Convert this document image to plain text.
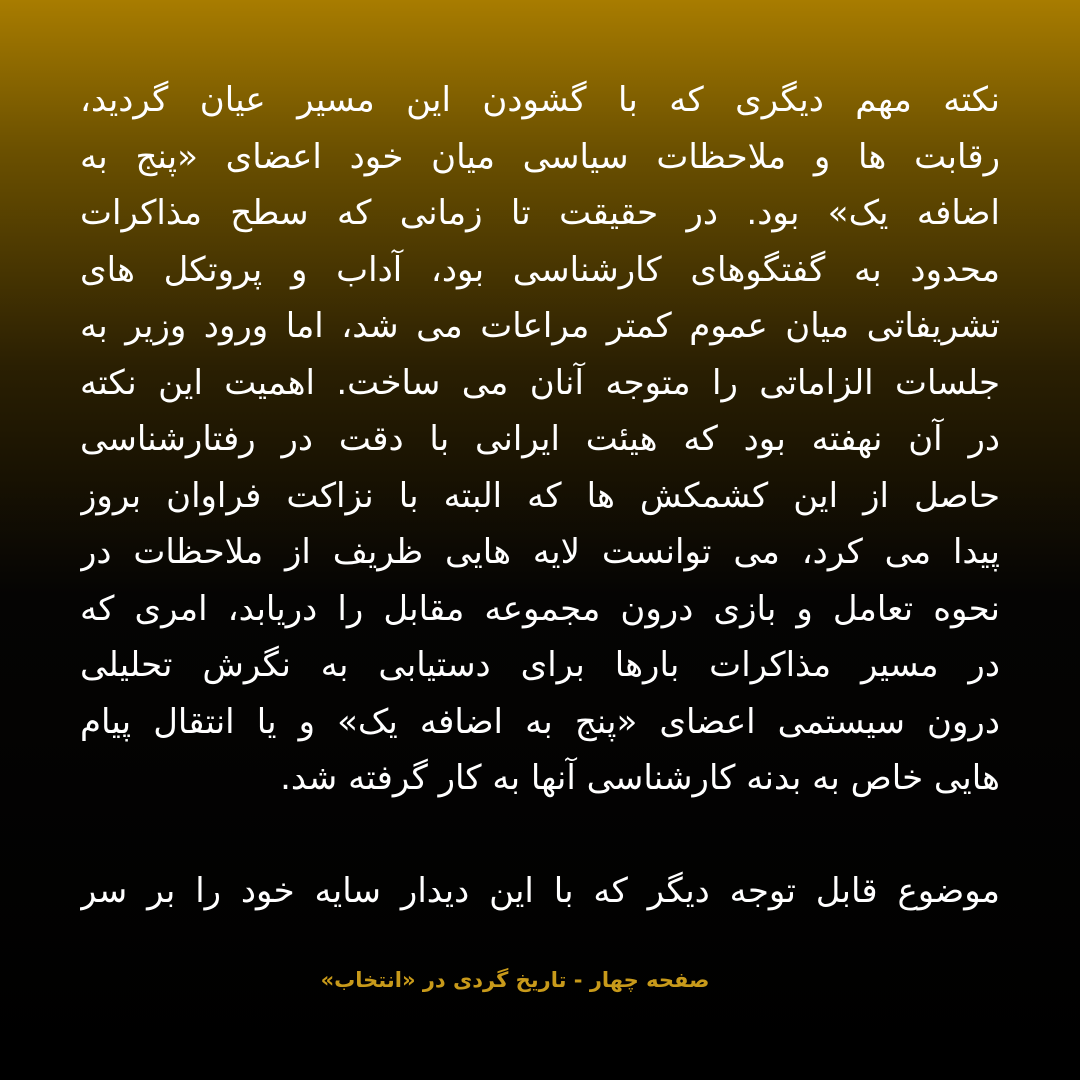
نکته مهم دیگری که با گشودن این مسیر عیان گردید،
رقابت ها و ملاحظات سیاسی میان خود اعضای «پنج به
اضافه یک» بود. در حقیقت تا زمانی که سطح مذاکرات
محدود به گفتگوهای کارشناسی بود، آداب و پروتکل های
تشریفاتی میان عموم کمتر مراعات می شد، اما ورود وزیر به
جلسات الزاماتی را متوجه آنان می ساخت. اهمیت این نکته
در آن نهفته بود که هیئت ایرانی با دقت در رفتارشناسی
حاصل از این کشمکش ها که البته با نزاکت فراوان بروز
پیدا می کرد، می توانست لایه هایی ظریف از ملاحظات در
نحوه تعامل و بازی درون مجموعه مقابل را دریابد، امری که
در مسیر مذاکرات بارها برای دستیابی به نگرش تحلیلی
درون سیستمی اعضای «پنج به اضافه یک» و یا انتقال پیام
هایی خاص به بدنه کارشناسی آنها به کار گرفته شد.
موضوع قابل توجه دیگر که با این دیدار سایه خود را بر سر
صفحه چهار - تاریخ گردی در «انتخاب»
